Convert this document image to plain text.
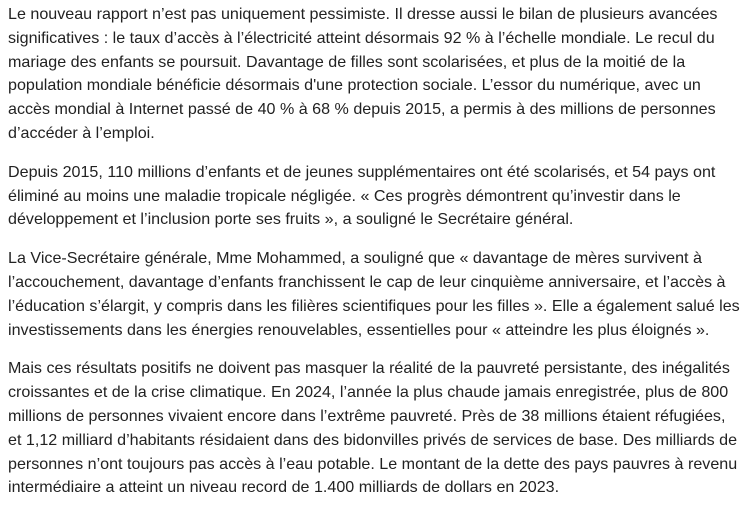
Le nouveau rapport n’est pas uniquement pessimiste. Il dresse aussi le bilan de plusieurs avancées
significatives : le taux d’accès à l’électricité atteint désormais 92 % à l’échelle mondiale. Le recul du
mariage des enfants se poursuit. Davantage de filles sont scolarisées, et plus de la moitié de la
population mondiale bénéficie désormais d'une protection sociale. L’essor du numérique, avec un
accès mondial à Internet passé de 40 % à 68 % depuis 2015, a permis à des millions de personnes
d’accéder à l’emploi.

Depuis 2015, 110 millions d’enfants et de jeunes supplémentaires ont été scolarisés, et 54 pays ont
éliminé au moins une maladie tropicale négligée. « Ces progrès démontrent qu’investir dans le
développement et l’inclusion porte ses fruits », a souligné le Secrétaire général.

La Vice-Secrétaire générale, Mme Mohammed, a souligné que « davantage de mères survivent à
l’accouchement, davantage d’enfants franchissent le cap de leur cinquième anniversaire, et l’accès à
l’éducation s’élargit, y compris dans les filières scientifiques pour les filles ». Elle a également salué les
investissements dans les énergies renouvelables, essentielles pour « atteindre les plus éloignés ».

Mais ces résultats positifs ne doivent pas masquer la réalité de la pauvreté persistante, des inégalités
croissantes et de la crise climatique. En 2024, l’année la plus chaude jamais enregistrée, plus de 800
millions de personnes vivaient encore dans l’extrême pauvreté. Près de 38 millions étaient réfugiées,
et 1,12 milliard d’habitants résidaient dans des bidonvilles privés de services de base. Des milliards de
personnes n’ont toujours pas accès à l’eau potable. Le montant de la dette des pays pauvres à revenu
intermédiaire a atteint un niveau record de 1.400 milliards de dollars en 2023.
